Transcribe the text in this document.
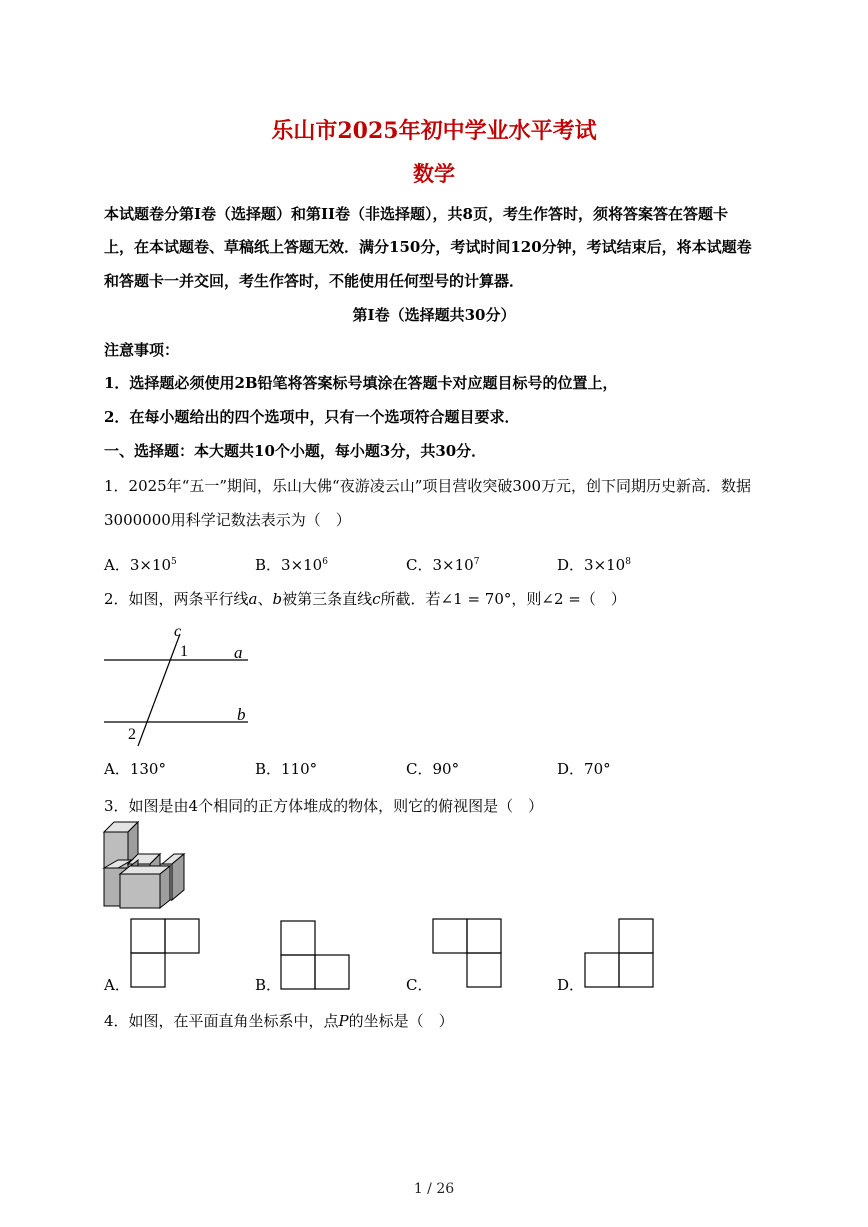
乐山市2025年初中学业水平考试
数学
本试题卷分第I卷（选择题）和第II卷（非选择题），共8页，考生作答时，须将答案答在答题卡
上，在本试题卷、草稿纸上答题无效．满分150分，考试时间120分钟，考试结束后，将本试题卷
和答题卡一并交回，考生作答时，不能使用任何型号的计算器．
第I卷（选择题共30分）
注意事项：
1．选择题必须使用2B铅笔将答案标号填涂在答题卡对应题目标号的位置上，
2．在每小题给出的四个选项中，只有一个选项符合题目要求．
一、选择题：本大题共10个小题，每小题3分，共30分．
1．2025年“五一”期间，乐山大佛“夜游凌云山”项目营收突破300万元，创下同期历史新高．数据
3000000用科学记数法表示为（　）
A．$3\times 10^5$	B．$3\times 10^6$	C．$3\times 10^7$	D．$3\times 10^8$
2．如图，两条平行线a、b被第三条直线c所截．若∠1 = 70°，则∠2 =（　）
c
1	a
b
2
A．130°	B．110°	C．90°	D．70°
3．如图是由4个相同的正方体堆成的物体，则它的俯视图是（　）
A．	B．	C．	D．
4．如图，在平面直角坐标系中，点P的坐标是（　）
1 / 26
